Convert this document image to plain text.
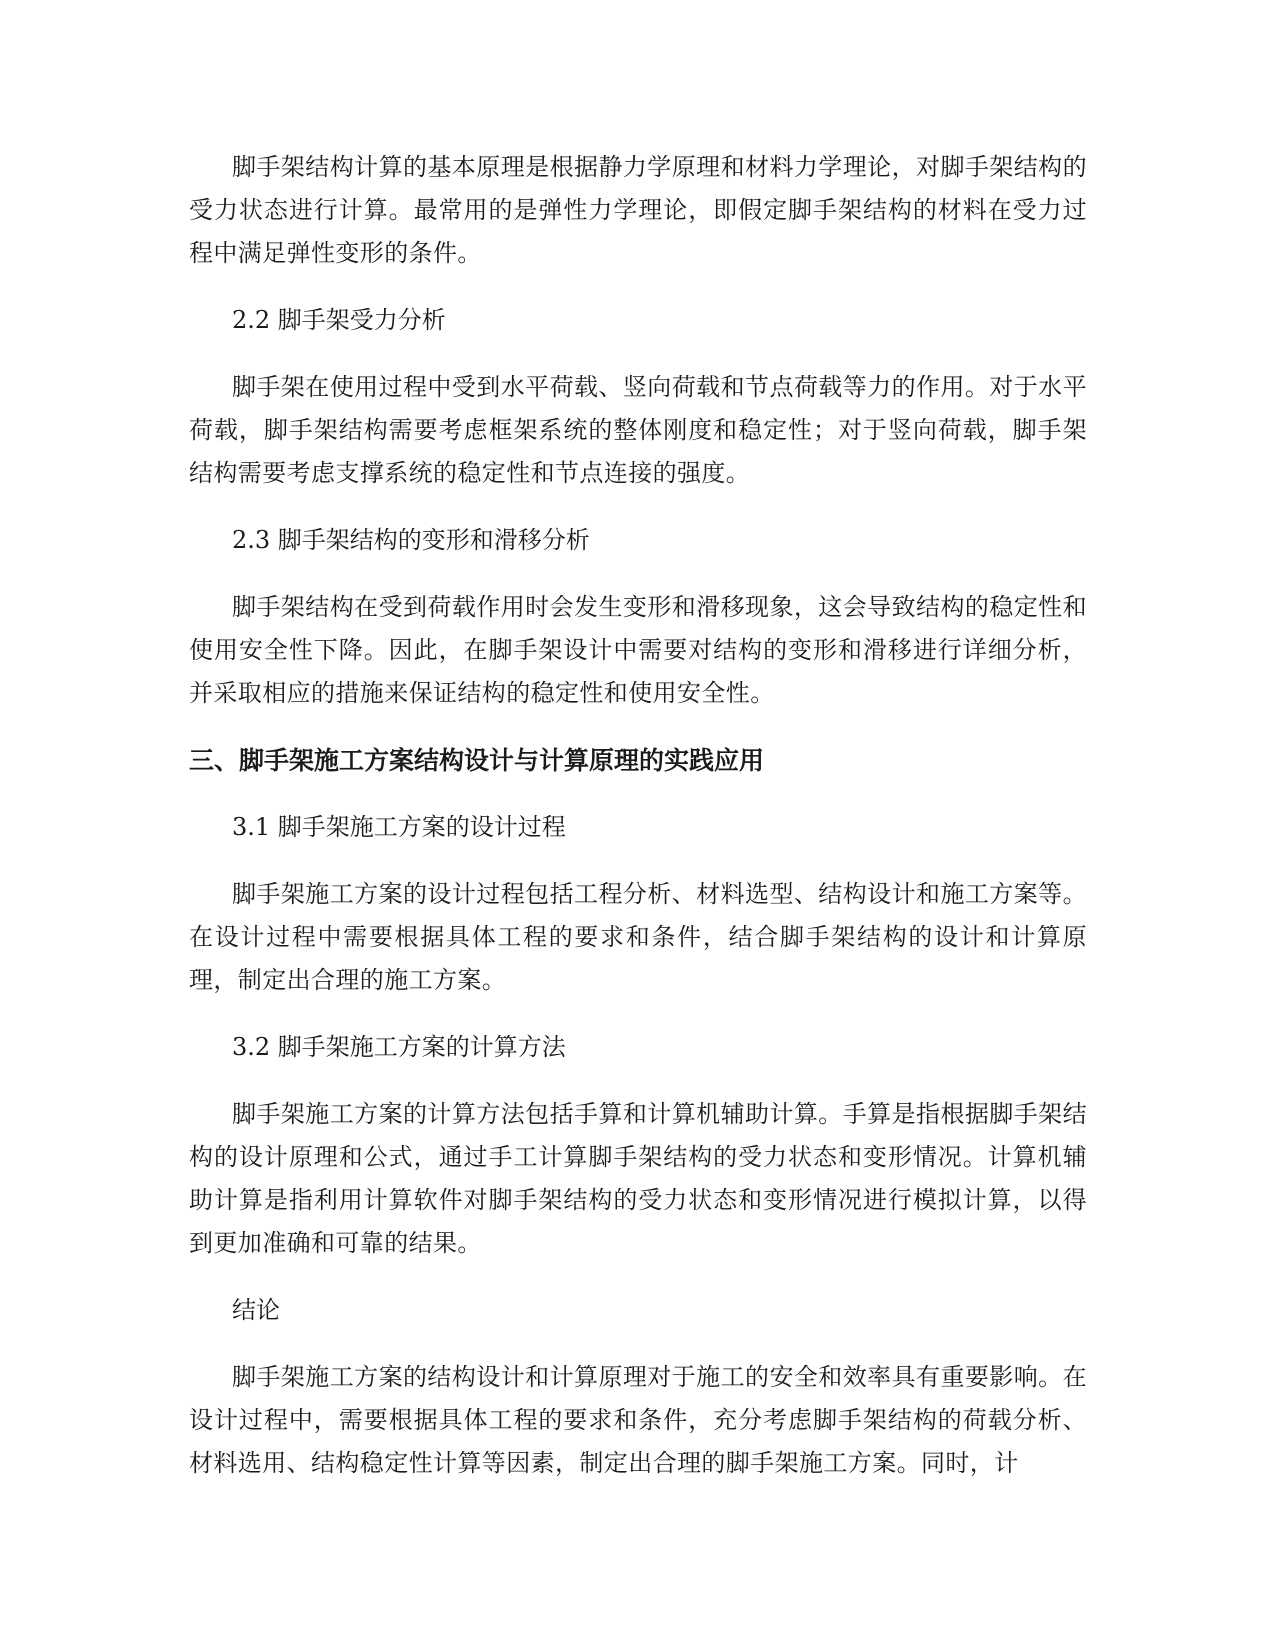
脚手架结构计算的基本原理是根据静力学原理和材料力学理论，对脚手架结构的受力状态进行计算。最常用的是弹性力学理论，即假定脚手架结构的材料在受力过程中满足弹性变形的条件。

2.2 脚手架受力分析

脚手架在使用过程中受到水平荷载、竖向荷载和节点荷载等力的作用。对于水平荷载，脚手架结构需要考虑框架系统的整体刚度和稳定性；对于竖向荷载，脚手架结构需要考虑支撑系统的稳定性和节点连接的强度。

2.3 脚手架结构的变形和滑移分析

脚手架结构在受到荷载作用时会发生变形和滑移现象，这会导致结构的稳定性和使用安全性下降。因此，在脚手架设计中需要对结构的变形和滑移进行详细分析，并采取相应的措施来保证结构的稳定性和使用安全性。

三、脚手架施工方案结构设计与计算原理的实践应用

3.1 脚手架施工方案的设计过程

脚手架施工方案的设计过程包括工程分析、材料选型、结构设计和施工方案等。在设计过程中需要根据具体工程的要求和条件，结合脚手架结构的设计和计算原理，制定出合理的施工方案。

3.2 脚手架施工方案的计算方法

脚手架施工方案的计算方法包括手算和计算机辅助计算。手算是指根据脚手架结构的设计原理和公式，通过手工计算脚手架结构的受力状态和变形情况。计算机辅助计算是指利用计算软件对脚手架结构的受力状态和变形情况进行模拟计算，以得到更加准确和可靠的结果。

结论

脚手架施工方案的结构设计和计算原理对于施工的安全和效率具有重要影响。在设计过程中，需要根据具体工程的要求和条件，充分考虑脚手架结构的荷载分析、材料选用、结构稳定性计算等因素，制定出合理的脚手架施工方案。同时，计
